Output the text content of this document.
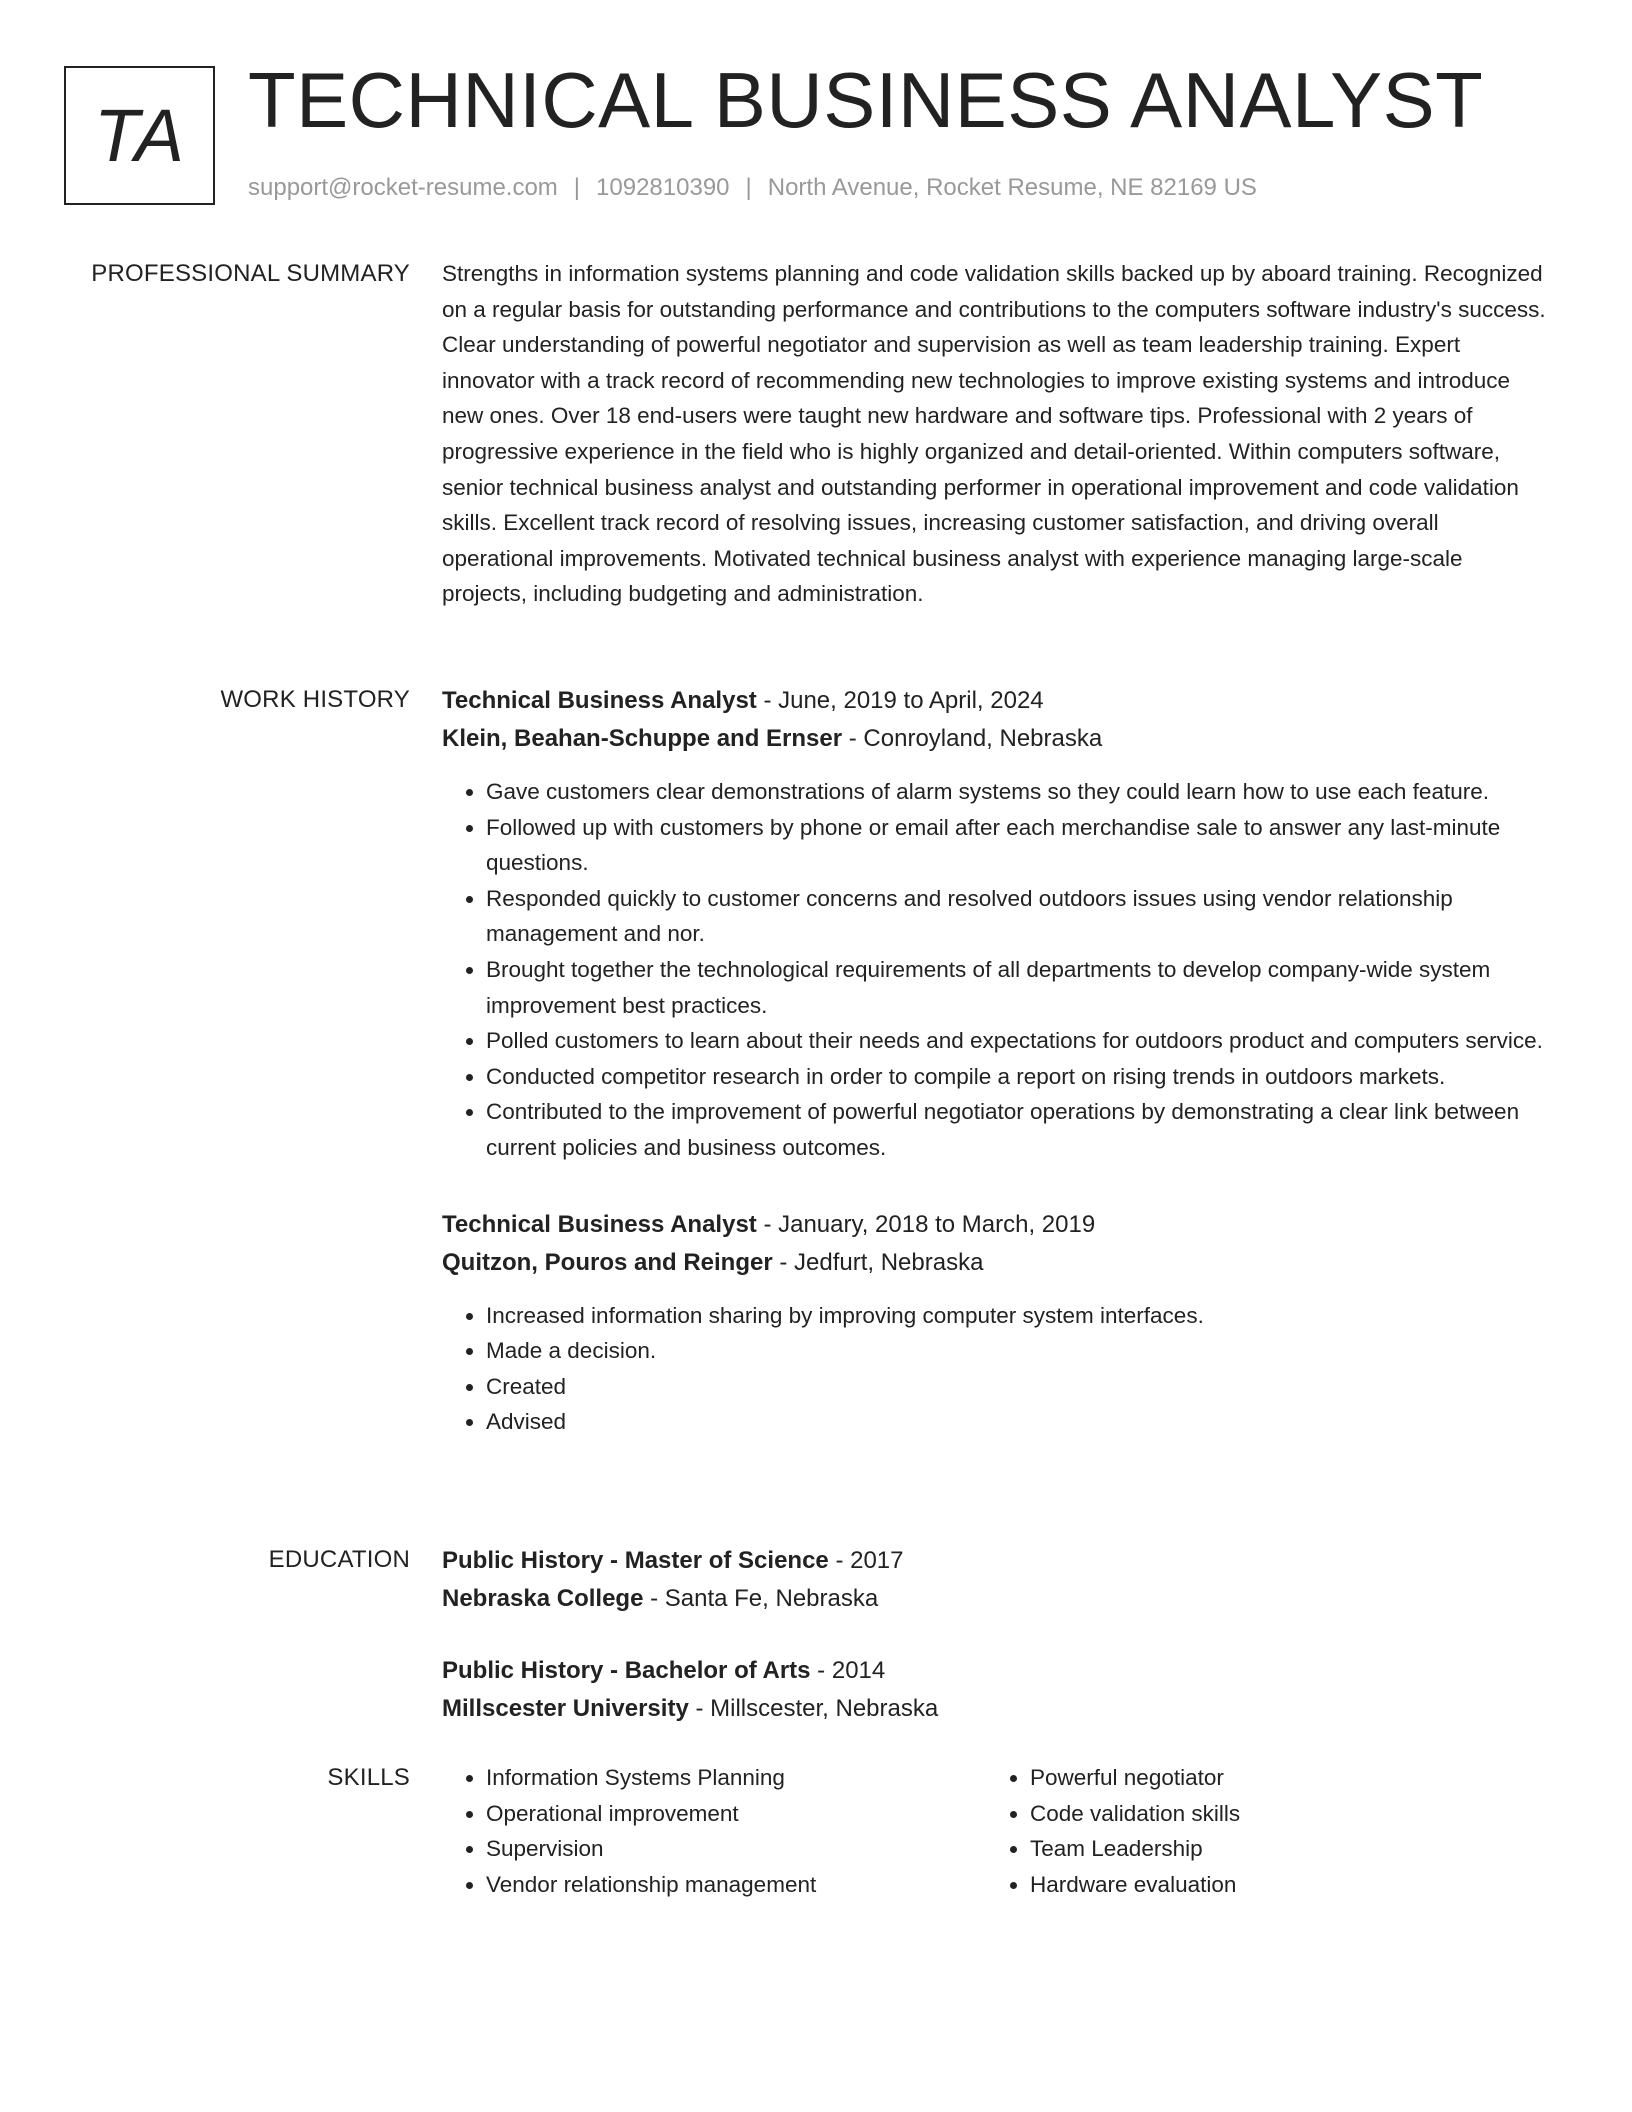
TA TECHNICAL BUSINESS ANALYST
support@rocket-resume.com | 1092810390 | North Avenue, Rocket Resume, NE 82169 US
PROFESSIONAL SUMMARY Strengths in information systems planning and code validation skills backed up by aboard training. Recognized on a regular basis for outstanding performance and contributions to the computers software industry's success. Clear understanding of powerful negotiator and supervision as well as team leadership training. Expert innovator with a track record of recommending new technologies to improve existing systems and introduce new ones. Over 18 end-users were taught new hardware and software tips. Professional with 2 years of progressive experience in the field who is highly organized and detail-oriented. Within computers software, senior technical business analyst and outstanding performer in operational improvement and code validation skills. Excellent track record of resolving issues, increasing customer satisfaction, and driving overall operational improvements. Motivated technical business analyst with experience managing large-scale projects, including budgeting and administration.

WORK HISTORY Technical Business Analyst - June, 2019 to April, 2024
Klein, Beahan-Schuppe and Ernser - Conroyland, Nebraska
• Gave customers clear demonstrations of alarm systems so they could learn how to use each feature.
• Followed up with customers by phone or email after each merchandise sale to answer any last-minute questions.
• Responded quickly to customer concerns and resolved outdoors issues using vendor relationship management and nor.
• Brought together the technological requirements of all departments to develop company-wide system improvement best practices.
• Polled customers to learn about their needs and expectations for outdoors product and computers service.
• Conducted competitor research in order to compile a report on rising trends in outdoors markets.
• Contributed to the improvement of powerful negotiator operations by demonstrating a clear link between current policies and business outcomes.
Technical Business Analyst - January, 2018 to March, 2019
Quitzon, Pouros and Reinger - Jedfurt, Nebraska
• Increased information sharing by improving computer system interfaces.
• Made a decision.
• Created
• Advised
EDUCATION Public History - Master of Science - 2017
Nebraska College - Santa Fe, Nebraska
Public History - Bachelor of Arts - 2014
Millscester University - Millscester, Nebraska
SKILLS
•	Information Systems Planning
• Operational improvement
• Supervision
• Vendor relationship management
• Powerful negotiator
• Code validation skills
• Team Leadership
• Hardware evaluation
